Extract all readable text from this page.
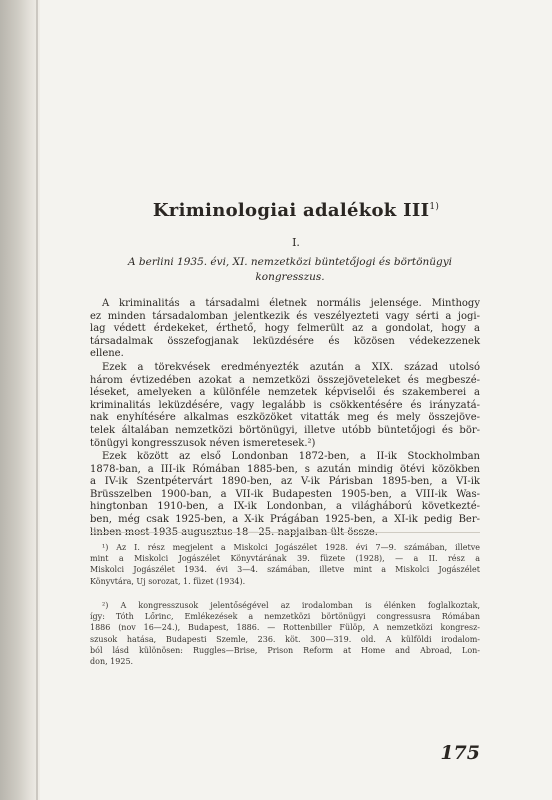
Kriminologiai adalékok III$^{1)}$
I.
A berlini 1935. évi, XI. nemzetközi büntetőjogi és börtönügyi
kongresszus.
A kriminalitás a társadalmi életnek normális jelensége. Minthogy
ez minden társadalomban jelentkezik és veszélyezteti vagy sérti a jogi-
lag védett érdekeket, érthető, hogy felmerült az a gondolat, hogy a
társadalmak összefogjanak leküzdésére és közösen védekezzenek
ellene.
Ezek a törekvések eredményezték azután a XIX. század utolsó
három évtizedében azokat a nemzetközi összejöveteleket és megbeszé-
léseket, amelyeken a különféle nemzetek képviselői és szakemberei a
kriminalitás leküzdésére, vagy legalább is csökkentésére és irányzatá-
nak enyhítésére alkalmas eszközöket vitatták meg és mely összejöve-
telek általában nemzetközi börtönügyi, illetve utóbb büntetőjogi és bör-
tönügyi kongresszusok néven ismeretesek.²)
Ezek között az első Londonban 1872-ben, a II-ik Stockholmban
1878-ban, a III-ik Rómában 1885-ben, s azután mindig ötévi közökben
a IV-ik Szentpétervárt 1890-ben, az V-ik Párisban 1895-ben, a VI-ik
Brüsszelben 1900-ban, a VII-ik Budapesten 1905-ben, a VIII-ik Was-
hingtonban 1910-ben, a IX-ik Londonban, a világháború következté-
ben, még csak 1925-ben, a X-ik Prágában 1925-ben, a XI-ik pedig Ber-
linben most 1935 augusztus 18—25. napjaiban ült össze.
¹) Az I. rész megjelent a Miskolci Jogászélet 1928. évi 7—9. számában, illetve
mint a Miskolci Jogászélet Könyvtárának 39. füzete (1928), — a II. rész a
Miskolci Jogászélet 1934. évi 3—4. számában, illetve mint a Miskolci Jogászélet
Könyvtára, Uj sorozat, 1. füzet (1934).
²) A kongresszusok jelentőségével az irodalomban is élénken foglalkoztak,
így: Tóth Lőrinc, Emlékezések a nemzetközi börtönügyi congressusra Rómában
1886 (nov 16—24.), Budapest, 1886. — Rottenbiller Fülöp, A nemzetközi kongresz-
szusok hatása, Budapesti Szemle, 236. köt. 300—319. old. A külföldi irodalom-
ból lásd különösen: Ruggles—Brise, Prison Reform at Home and Abroad, Lon-
don, 1925.
175
